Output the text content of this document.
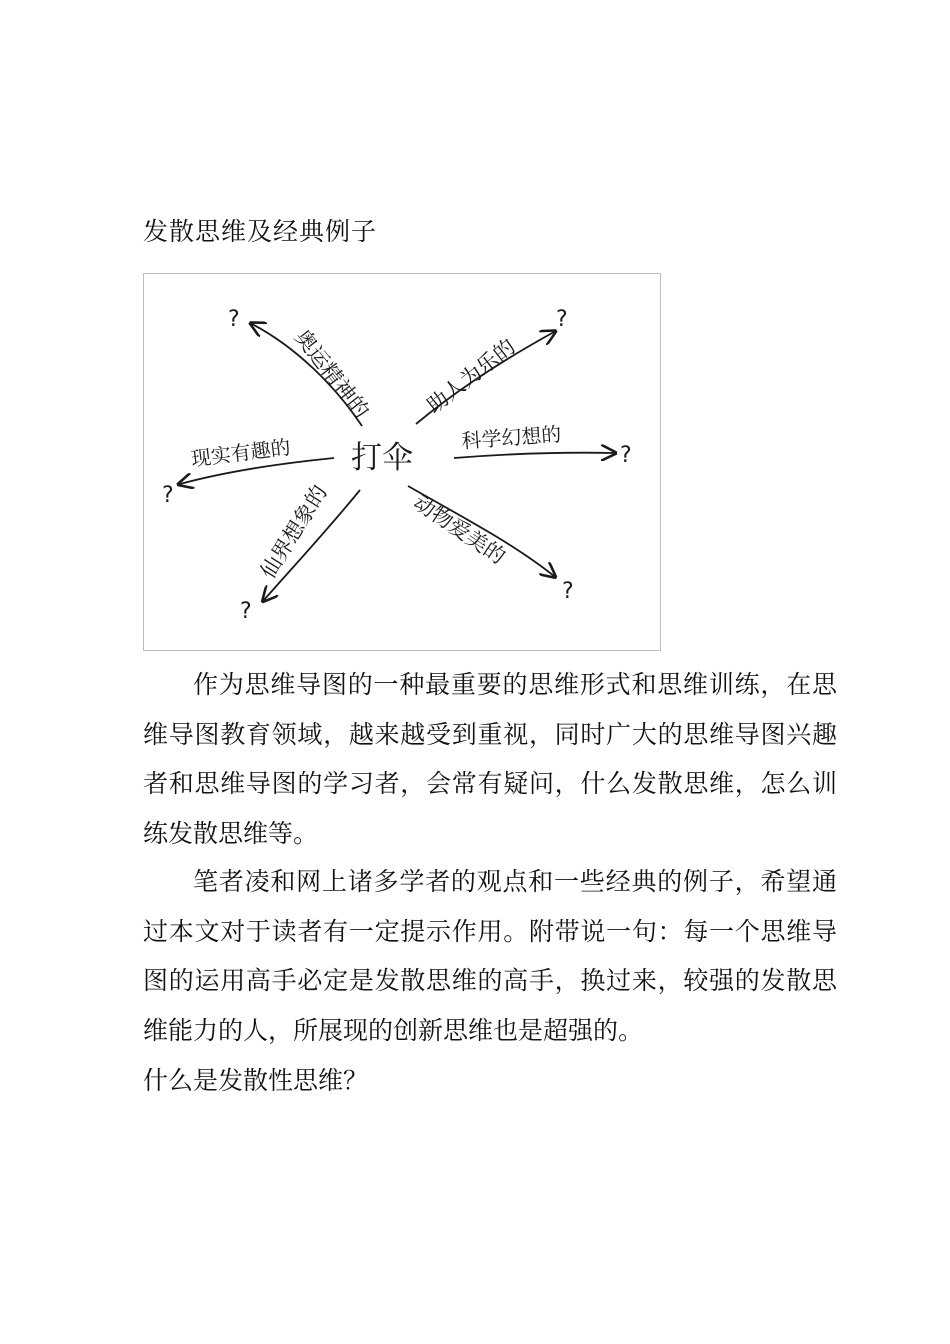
发散思维及经典例子
打伞
奥运精神的
?
助人为乐的
?
科学幻想的
?
现实有趣的
?	仙界想象的
?
动物爱美的
?

作为思维导图的一种最重要的思维形式和思维训练，在思维导图教育领域，越来越受到重视，同时广大的思维导图兴趣者和思维导图的学习者，会常有疑问，什么发散思维，怎么训练发散思维等。

笔者凌和网上诸多学者的观点和一些经典的例子，希望通过本文对于读者有一定提示作用。附带说一句：每一个思维导图的运用高手必定是发散思维的高手，换过来，较强的发散思维能力的人，所展现的创新思维也是超强的。

什么是发散性思维？
